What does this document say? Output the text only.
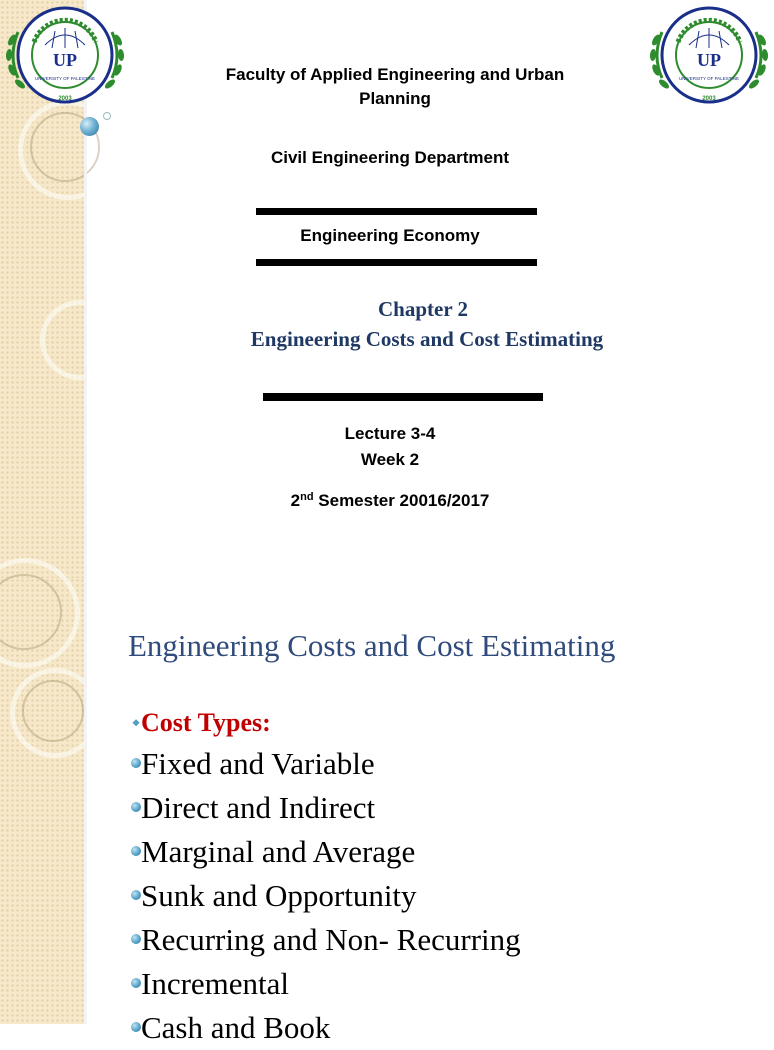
UP
UNIVERSITY OF PALESTINE
2003
UP
UNIVERSITY OF PALESTINE
2003
Faculty of Applied Engineering and Urban Planning
Civil Engineering Department
Engineering Economy
Chapter 2
Engineering Costs and Cost Estimating
Lecture 3-4
Week 2
2nd Semester 20016/2017
Engineering Costs and Cost Estimating
❖ Cost Types:
Fixed and Variable
Direct and Indirect
Marginal and Average
Sunk and Opportunity
Recurring and Non- Recurring
Incremental
Cash and Book
